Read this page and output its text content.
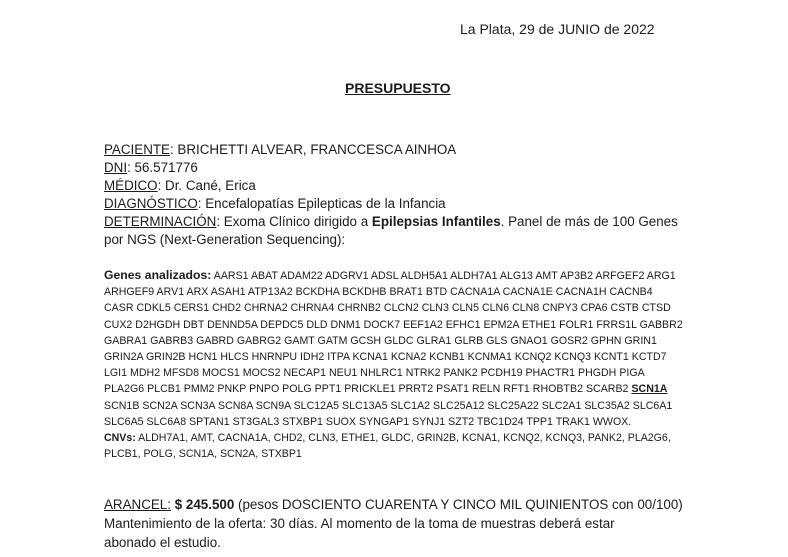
La Plata, 29 de JUNIO de 2022
PRESUPUESTO
PACIENTE: BRICHETTI ALVEAR, FRANCCESCA AINHOA
DNI: 56.571776
MÉDICO: Dr. Cané, Erica
DIAGNÓSTICO: Encefalopatías Epilepticas de la Infancia
DETERMINACIÓN: Exoma Clínico dirigido a Epilepsias Infantiles. Panel de más de 100 Genes
por NGS (Next-Generation Sequencing):
Genes analizados: AARS1 ABAT ADAM22 ADGRV1 ADSL ALDH5A1 ALDH7A1 ALG13 AMT AP3B2 ARFGEF2 ARG1 ARHGEF9 ARV1 ARX ASAH1 ATP13A2 BCKDHA BCKDHB BRAT1 BTD CACNA1A CACNA1E CACNA1H CACNB4 CASR CDKL5 CERS1 CHD2 CHRNA2 CHRNA4 CHRNB2 CLCN2 CLN3 CLN5 CLN6 CLN8 CNPY3 CPA6 CSTB CTSD CUX2 D2HGDH DBT DENND5A DEPDC5 DLD DNM1 DOCK7 EEF1A2 EFHC1 EPM2A ETHE1 FOLR1 FRRS1L GABBR2 GABRA1 GABRB3 GABRD GABRG2 GAMT GATM GCSH GLDC GLRA1 GLRB GLS GNAO1 GOSR2 GPHN GRIN1 GRIN2A GRIN2B HCN1 HLCS HNRNPU IDH2 ITPA KCNA1 KCNA2 KCNB1 KCNMA1 KCNQ2 KCNQ3 KCNT1 KCTD7 LGI1 MDH2 MFSD8 MOCS1 MOCS2 NECAP1 NEU1 NHLRC1 NTRK2 PANK2 PCDH19 PHACTR1 PHGDH PIGA PLA2G6 PLCB1 PMM2 PNKP PNPO POLG PPT1 PRICKLE1 PRRT2 PSAT1 RELN RFT1 RHOBTB2 SCARB2 SCN1A SCN1B SCN2A SCN3A SCN8A SCN9A SLC12A5 SLC13A5 SLC1A2 SLC25A12 SLC25A22 SLC2A1 SLC35A2 SLC6A1 SLC6A5 SLC6A8 SPTAN1 ST3GAL3 STXBP1 SUOX SYNGAP1 SYNJ1 SZT2 TBC1D24 TPP1 TRAK1 WWOX.
CNVs: ALDH7A1, AMT, CACNA1A, CHD2, CLN3, ETHE1, GLDC, GRIN2B, KCNA1, KCNQ2, KCNQ3, PANK2, PLA2G6, PLCB1, POLG, SCN1A, SCN2A, STXBP1
ARANCEL: $ 245.500 (pesos DOSCIENTO CUARENTA Y CINCO MIL QUINIENTOS con 00/100)
Mantenimiento de la oferta: 30 días. Al momento de la toma de muestras deberá estar
abonado el estudio.
